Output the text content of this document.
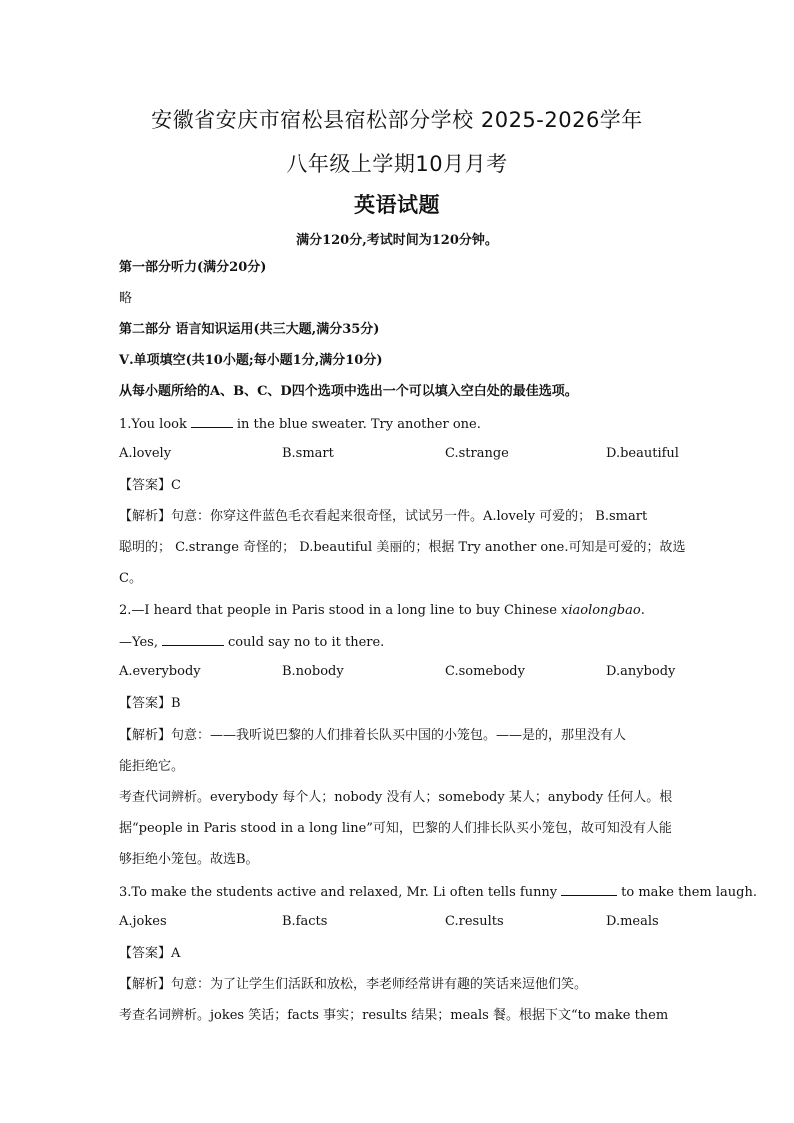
安徽省安庆市宿松县宿松部分学校 2025-2026学年
八年级上学期10月月考
英语试题
满分120分,考试时间为120分钟。
第一部分听力(满分20分)
略
第二部分 语言知识运用(共三大题,满分35分)
Ⅴ.单项填空(共10小题;每小题1分,满分10分)
从每小题所给的A、B、C、D四个选项中选出一个可以填入空白处的最佳选项。
1.You look	in the blue sweater. Try another one.
A.lovely	B.smart	C.strange	D.beautiful
【答案】C
【解析】句意：你穿这件蓝色毛衣看起来很奇怪，试试另一件。A.lovely 可爱的； B.smart
聪明的； C.strange 奇怪的； D.beautiful 美丽的；根据 Try another one.可知是可爱的；故选
C。
2.—I heard that people in Paris stood in a long line to buy Chinese xiaolongbao.
—Yes,	could say no to it there.
A.everybody	B.nobody	C.somebody	D.anybody
【答案】B
【解析】句意：——我听说巴黎的人们排着长队买中国的小笼包。——是的，那里没有人
能拒绝它。
考查代词辨析。everybody 每个人；nobody 没有人；somebody 某人；anybody 任何人。根
据“people in Paris stood in a long line”可知，巴黎的人们排长队买小笼包，故可知没有人能
够拒绝小笼包。故选B。
3.To make the students active and relaxed, Mr. Li often tells funny	to make them laugh.
A.jokes	B.facts	C.results	D.meals
【答案】A
【解析】句意：为了让学生们活跃和放松，李老师经常讲有趣的笑话来逗他们笑。
考查名词辨析。jokes 笑话；facts 事实；results 结果；meals 餐。根据下文“to make them
